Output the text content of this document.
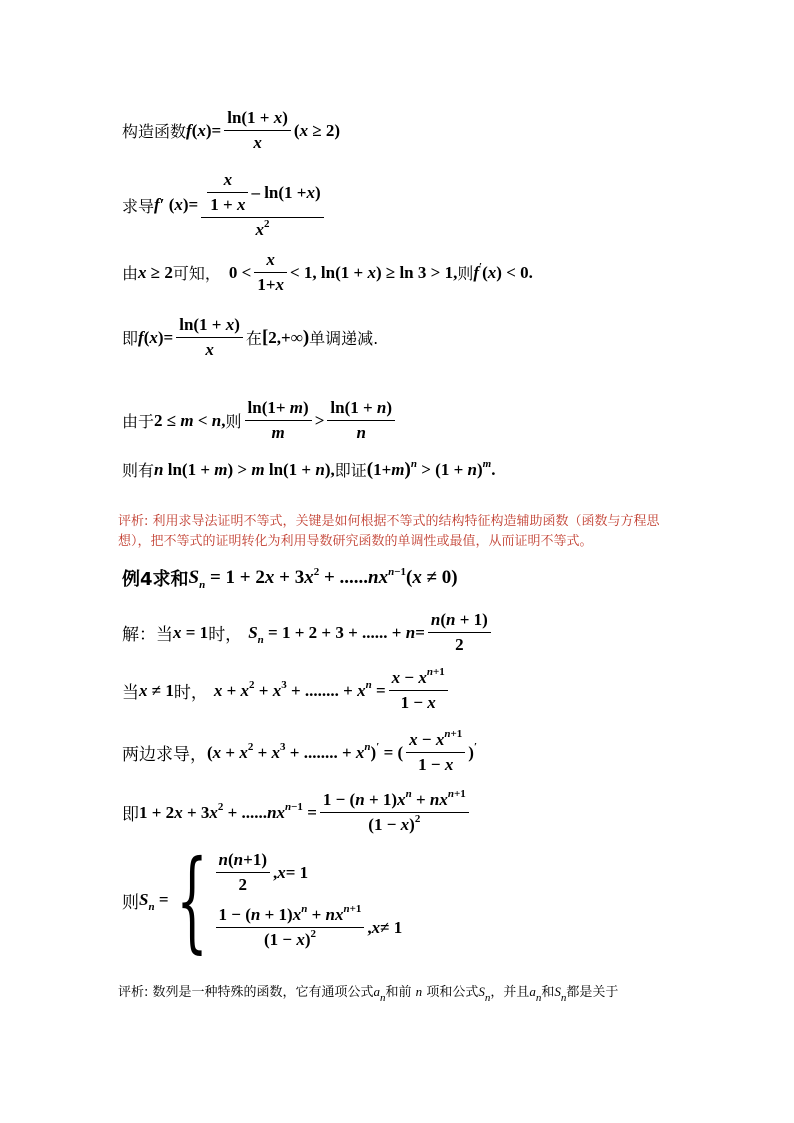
构造函数 $f(x)= \frac{\ln(1 + x)}{x} (x \ge 2)$
求导 f′ $(x)= \frac{\frac{x}{1 + x} - \ln(1 + x )}{x^2}$
由 x ≥ 2 可知， $0 < \frac{x}{1+x} < 1$, ln(1 + x) ≥ ln 3 > 1, 则 f′(x) < 0.
即 $f(x)= \frac{\ln(1 + x)}{x}$ 在 [2,+∞) 单调递减.
由于 2 ≤ m < n, 则 $\frac{\ln(1+ m)}{m} > \frac{\ln(1 + n)}{n}$
则有 n ln(1 + m) > m ln(1 + n), 即证 $(1+m)^n > (1 + n)^m$.
评析: 利用求导法证明不等式，关键是如何根据不等式的结构特征构造辅助函数（函数与方程思想），把不等式的证明转化为利用导数研究函数的单调性或最值，从而证明不等式。
例4求和 $S_n = 1 + 2x + 3x^2 + ......nx^{n-1}(x \ne 0)$
解：当 x = 1 时， $S_n = 1 + 2 + 3$ + ...... + $n= \frac{n(n + 1)}{2}$
当 x ≠ 1 时， $x + x^2 + x^3$ + ........ + $x^n = \frac{x - x^{n+1}}{1 - x}$
两边求导， ($x + x^2 + x^3$ + ........ + $x^n)'$ = ( $\frac{x - x^{n+1}}{1 - x} )'$
即 $1 + 2x + 3x^2 + ......nx^{n-1} = \frac{1 - (n + 1)x^n + nx^{n+1}}{(1 - x)^2}$
则 $S_n$ = { $\frac{n(n+1)}{2}$ , x = 1
$\frac{1 - (n + 1)x^n + nx^{n+1}}{(1 - x)^2}$ , x ≠ 1
评析: 数列是一种特殊的函数，它有通项公式$a_n$和前 n 项和公式$S_n$，并且$a_n$和$S_n$都是关于
